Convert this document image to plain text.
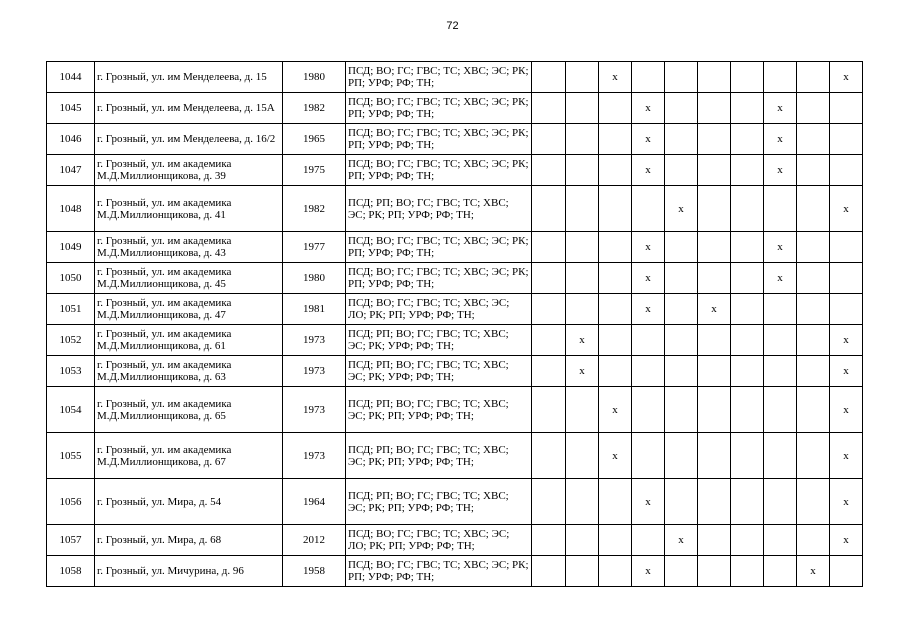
72
1044	г. Грозный, ул. им Менделеева, д. 15	1980	ПСД; ВО; ГС; ГВС; ТС; ХВС; ЭС; РК; РП; УРФ; РФ; ТН;			x							x
1045	г. Грозный, ул. им Менделеева, д. 15А	1982	ПСД; ВО; ГС; ГВС; ТС; ХВС; ЭС; РК; РП; УРФ; РФ; ТН;				x				x		
1046	г. Грозный, ул. им Менделеева, д. 16/2	1965	ПСД; ВО; ГС; ГВС; ТС; ХВС; ЭС; РК; РП; УРФ; РФ; ТН;				x				x		
1047	г. Грозный, ул. им академика М.Д.Миллионщикова, д. 39	1975	ПСД; ВО; ГС; ГВС; ТС; ХВС; ЭС; РК; РП; УРФ; РФ; ТН;				x				x		
1048	г. Грозный, ул. им академика М.Д.Миллионщикова, д. 41	1982	ПСД; РП; ВО; ГС; ГВС; ТС; ХВС; ЭС; РК; РП; УРФ; РФ; ТН;					x					x
1049	г. Грозный, ул. им академика М.Д.Миллионщикова, д. 43	1977	ПСД; ВО; ГС; ГВС; ТС; ХВС; ЭС; РК; РП; УРФ; РФ; ТН;				x				x		
1050	г. Грозный, ул. им академика М.Д.Миллионщикова, д. 45	1980	ПСД; ВО; ГС; ГВС; ТС; ХВС; ЭС; РК; РП; УРФ; РФ; ТН;				x				x		
1051	г. Грозный, ул. им академика М.Д.Миллионщикова, д. 47	1981	ПСД; ВО; ГС; ГВС; ТС; ХВС; ЭС; ЛО; РК; РП; УРФ; РФ; ТН;				x		x				
1052	г. Грозный, ул. им академика М.Д.Миллионщикова, д. 61	1973	ПСД; РП; ВО; ГС; ГВС; ТС; ХВС; ЭС; РК; УРФ; РФ; ТН;		x								x
1053	г. Грозный, ул. им академика М.Д.Миллионщикова, д. 63	1973	ПСД; РП; ВО; ГС; ГВС; ТС; ХВС; ЭС; РК; УРФ; РФ; ТН;		x								x
1054	г. Грозный, ул. им академика М.Д.Миллионщикова, д. 65	1973	ПСД; РП; ВО; ГС; ГВС; ТС; ХВС; ЭС; РК; РП; УРФ; РФ; ТН;			x							x
1055	г. Грозный, ул. им академика М.Д.Миллионщикова, д. 67	1973	ПСД; РП; ВО; ГС; ГВС; ТС; ХВС; ЭС; РК; РП; УРФ; РФ; ТН;			x							x
1056	г. Грозный, ул. Мира, д. 54	1964	ПСД; РП; ВО; ГС; ГВС; ТС; ХВС; ЭС; РК; РП; УРФ; РФ; ТН;				x						x
1057	г. Грозный, ул. Мира, д. 68	2012	ПСД; ВО; ГС; ГВС; ТС; ХВС; ЭС; ЛО; РК; РП; УРФ; РФ; ТН;					x					x
1058	г. Грозный, ул. Мичурина, д. 96	1958	ПСД; ВО; ГС; ГВС; ТС; ХВС; ЭС; РК; РП; УРФ; РФ; ТН;				x					x	
